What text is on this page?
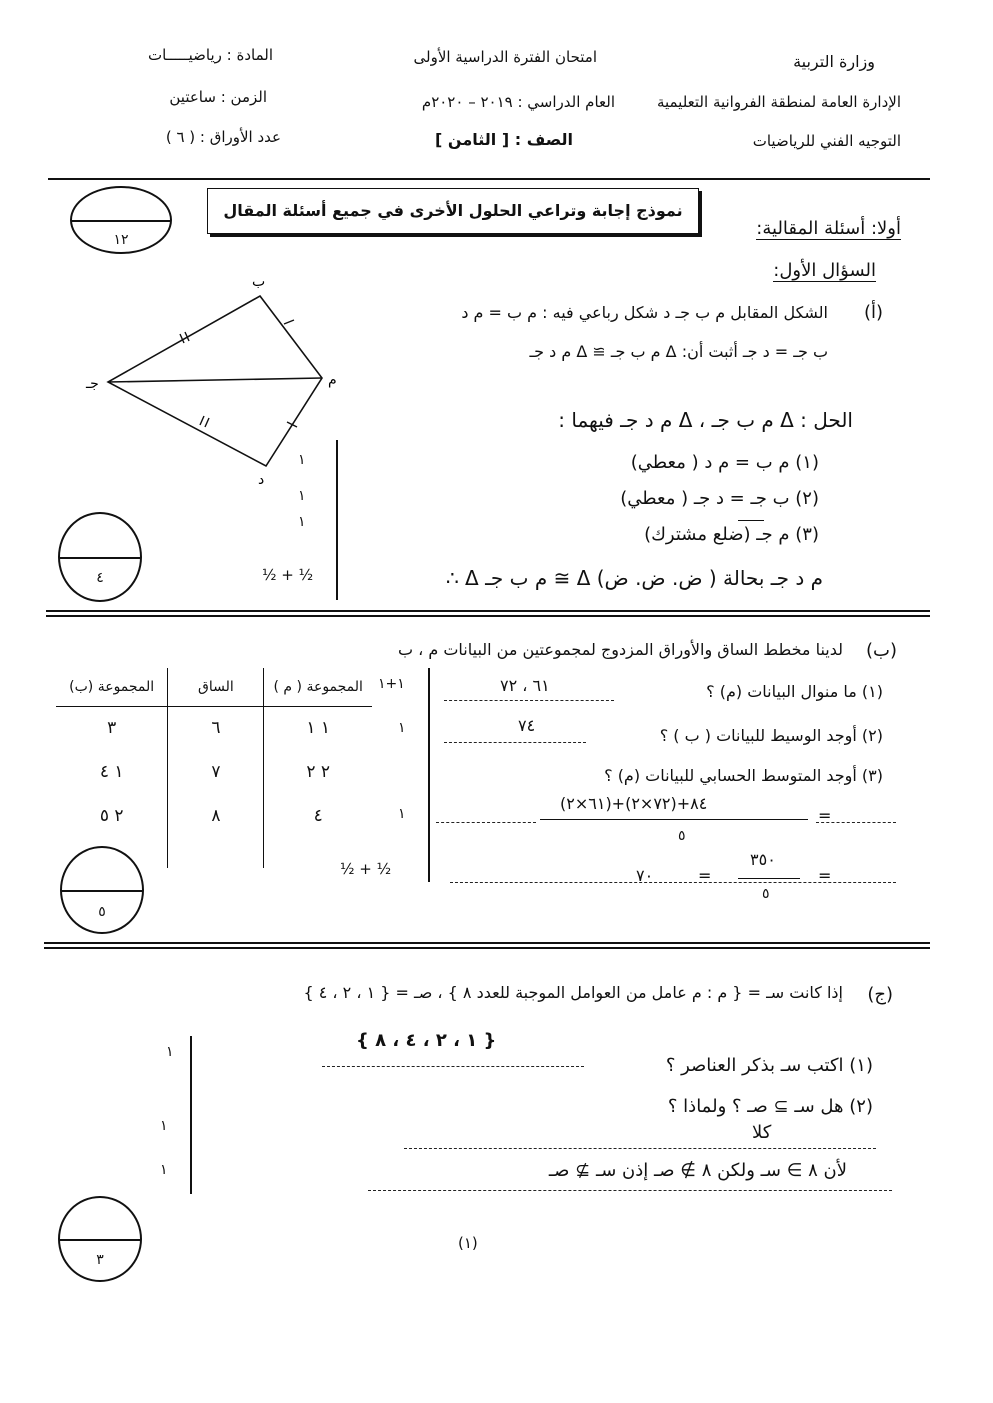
وزارة التربية
الإدارة العامة لمنطقة الفروانية التعليمية
التوجيه الفني للرياضيات
امتحان الفترة الدراسية الأولى
العام الدراسي : ٢٠١٩ – ٢٠٢٠م
الصف : [ الثامن ]
المادة : رياضيـــــات
الزمن : ساعتين
عدد الأوراق : ( ٦ )
١٢
نموذج إجابة وتراعي الحلول الأخرى في جميع أسئلة المقال
أولا: أسئلة المقالية:
السؤال الأول:
(أ)
الشكل المقابل ﻡ ب جـ د شكل رباعي فيه : ﻡ ب = ﻡ د
ب جـ = د جـ أثبت أن: Δ ﻡ ب جـ ≅ Δ ﻡ د جـ
ب
ﻡ
جـ
د
الحل : Δ ﻡ ب جـ ، Δ ﻡ د جـ فيهما :
(١) ﻡ ب = ﻡ د ( معطي)
(٢) ب جـ = د جـ ( معطي)
(٣) ﻡ جـ (ضلع مشترك)
∴ Δ ﻡ ب جـ ≅ Δ ﻡ د جـ بحالة ( ض. ض. ض)
١
١
١
½ + ½
٤
(ب)
لدينا مخطط الساق والأوراق المزدوج لمجموعتين من البيانات ﻡ ، ب
١+١
المجموعة (ب)	الساق	المجموعة ( ﻡ )
٣	٦	١ ١
١ ٤	٧	٢ ٢
٢ ٥	٨	٤

١
١
½ + ½
(١) ما منوال البيانات (ﻡ) ؟
٦١ ، ٧٢
(٢) أوجد الوسيط للبيانات ( ب ) ؟
٧٤
(٣) أوجد المتوسط الحسابي للبيانات (ﻡ) ؟
(٦١×٢)+(٧٢×٢)+٨٤
=
٥
٣٥٠
٥
٧٠	=	=
٥
(ج)
إذا كانت سـ = { ﻡ : ﻡ عامل من العوامل الموجبة للعدد ٨ } ، صـ = { ١ ، ٢ ، ٤ }
١
١
١
(١) اكتب سـ بذكر العناصر ؟
{ ١ ، ٢ ، ٤ ، ٨ }
(٢) هل سـ ⊇ صـ ؟ ولماذا ؟
كلا
لأن ٨ ∋ سـ ولكن ٨ ∌ صـ إذن سـ ⊉ صـ
٣
(١)
